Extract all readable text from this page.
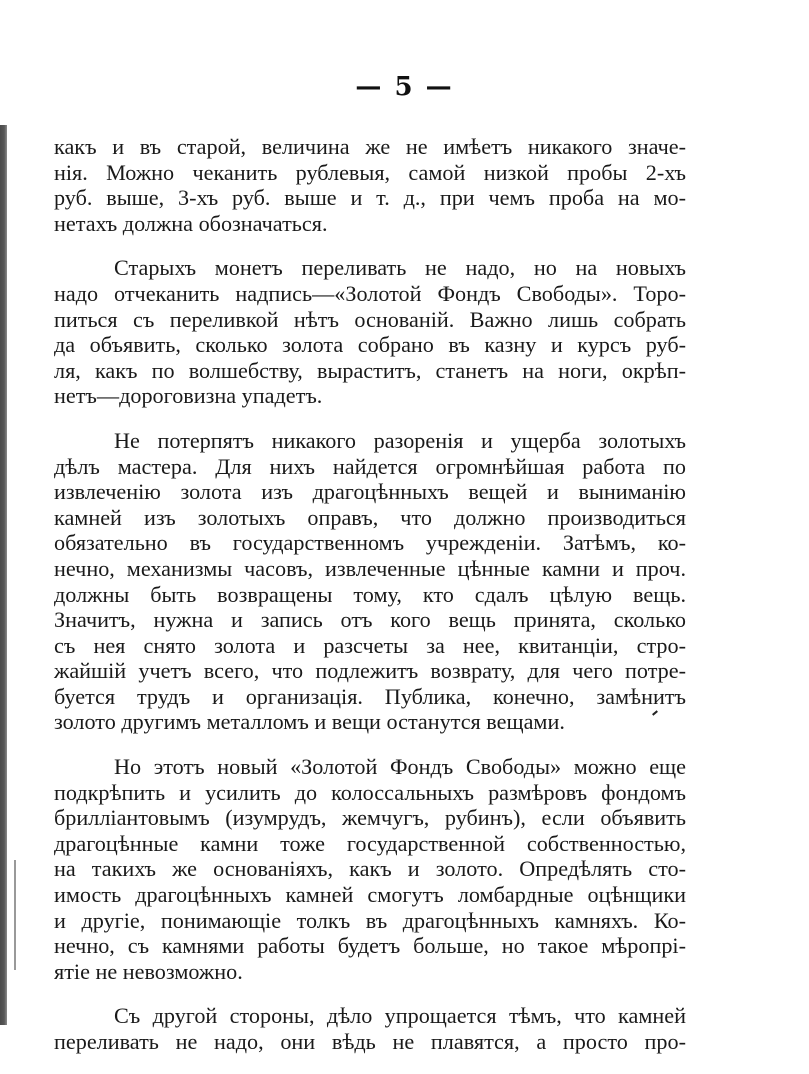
— 5 —
какъ и въ старой, величина же не имѣетъ никакого значе-
нія. Можно чеканить рублевыя, самой низкой пробы 2-хъ
руб. выше, 3-хъ руб. выше и т. д., при чемъ проба на мо-
нетахъ должна обозначаться.
Старыхъ монетъ переливать не надо, но на новыхъ
надо отчеканить надпись—«Золотой Фондъ Свободы». Торо-
питься съ переливкой нѣтъ основаній. Важно лишь собрать
да объявить, сколько золота собрано въ казну и курсъ руб-
ля, какъ по волшебству, выраститъ, станетъ на ноги, окрѣп-
нетъ—дороговизна упадетъ.
Не потерпятъ никакого разоренія и ущерба золотыхъ
дѣлъ мастера. Для нихъ найдется огромнѣйшая работа по
извлеченію золота изъ драгоцѣнныхъ вещей и выниманію
камней изъ золотыхъ оправъ, что должно производиться
обязательно въ государственномъ учрежденіи. Затѣмъ, ко-
нечно, механизмы часовъ, извлеченные цѣнные камни и проч.
должны быть возвращены тому, кто сдалъ цѣлую вещь.
Значитъ, нужна и запись отъ кого вещь принята, сколько
съ нея снято золота и разсчеты за нее, квитанціи, стро-
жайшій учетъ всего, что подлежитъ возврату, для чего потре-
буется трудъ и организація. Публика, конечно, замѣнитъ
золото другимъ металломъ и вещи останутся вещами.
Но этотъ новый «Золотой Фондъ Свободы» можно еще
подкрѣпить и усилить до колоссальныхъ размѣровъ фондомъ
бриллiантовымъ (изумрудъ, жемчугъ, рубинъ), если объявить
драгоцѣнные камни тоже государственной собственностью,
на такихъ же основаніяхъ, какъ и золото. Опредѣлять сто-
имость драгоцѣнныхъ камней смогутъ ломбардные оцѣнщики
и другіе, понимающіе толкъ въ драгоцѣнныхъ камняхъ. Ко-
нечно, съ камнями работы будетъ больше, но такое мѣропрі-
ятіе не невозможно.
Съ другой стороны, дѣло упрощается тѣмъ, что камней
переливать не надо, они вѣдь не плавятся, а просто про-
